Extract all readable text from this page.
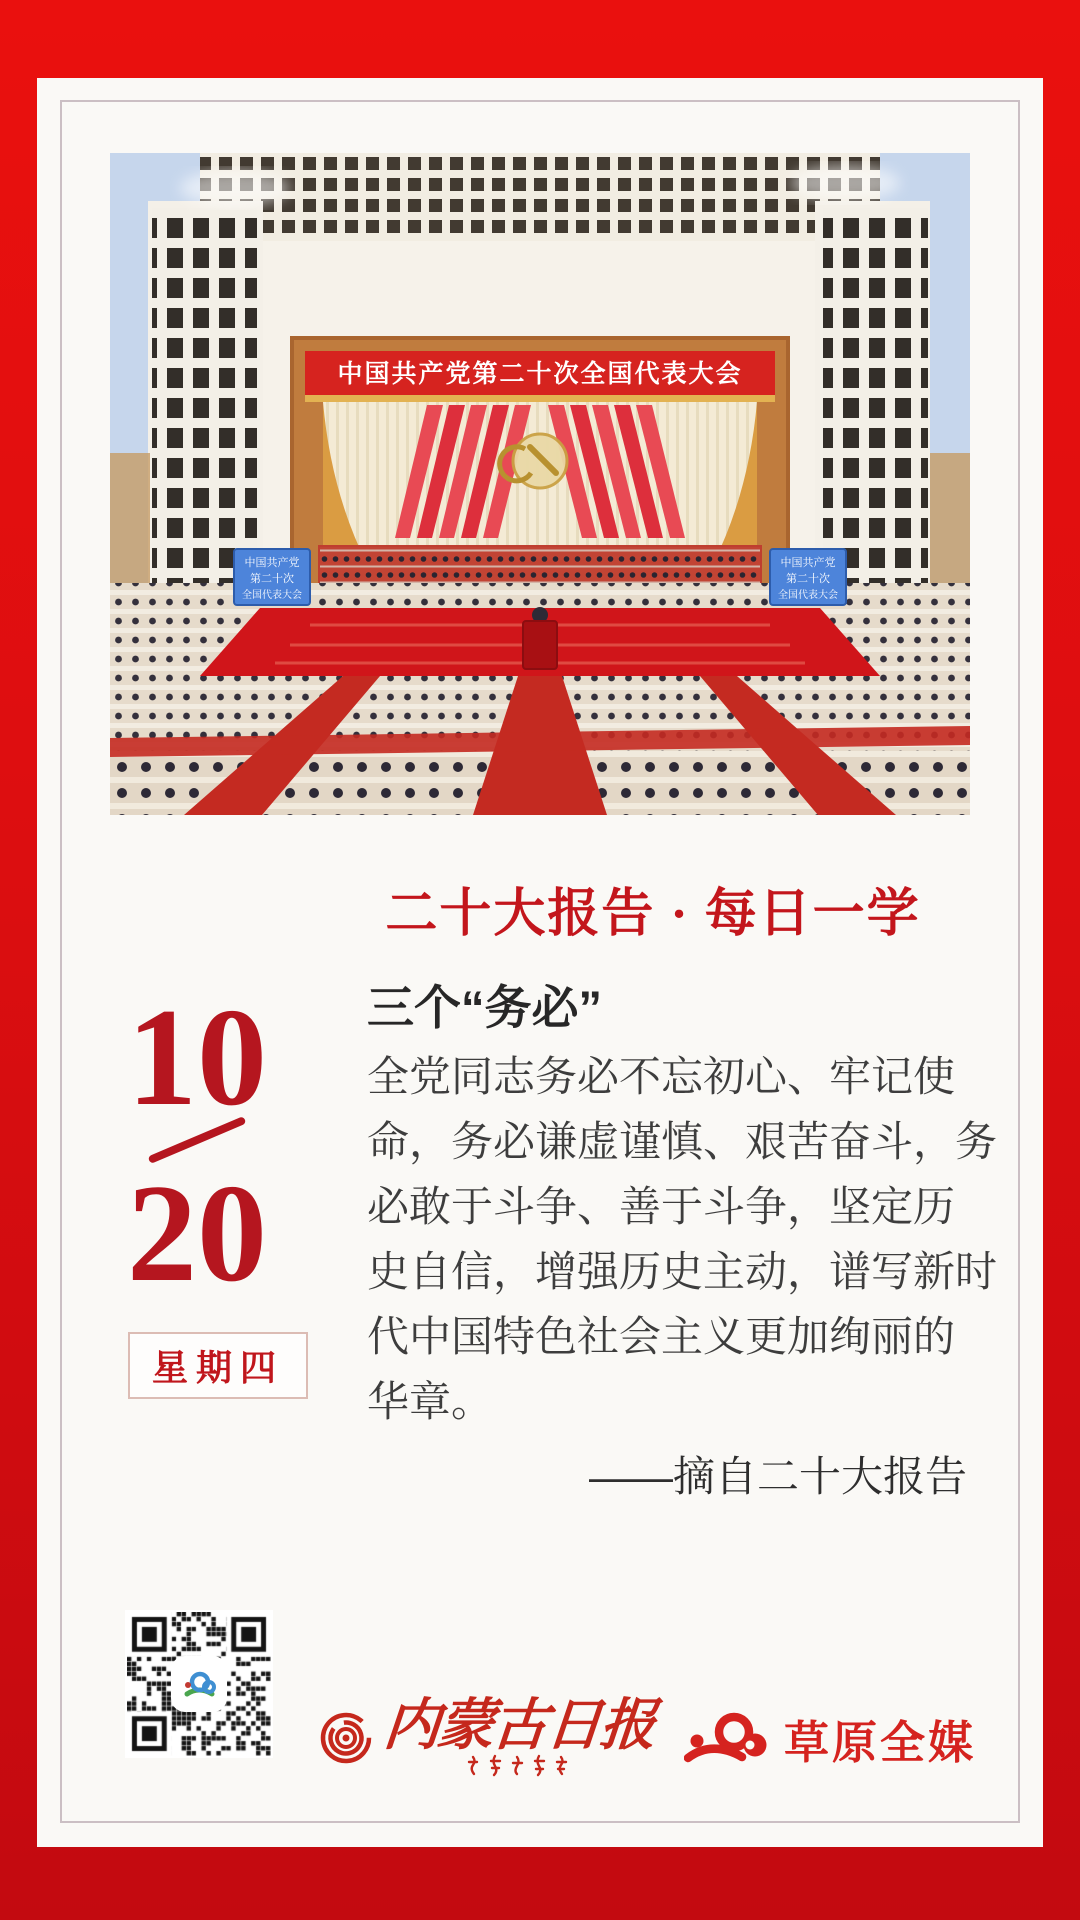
中国共产党第二十次全国代表大会
中国共产党
第二十次
全国代表大会
中国共产党
第二十次
全国代表大会
二十大报告 · 每日一学
10
20
星期四
三个“务必”
全党同志务必不忘初心、牢记使
命，务必谦虚谨慎、艰苦奋斗，务
必敢于斗争、善于斗争，坚定历
史自信，增强历史主动，谱写新时
代中国特色社会主义更加绚丽的
华章。
——摘自二十大报告
内蒙古日报	草原全媒
